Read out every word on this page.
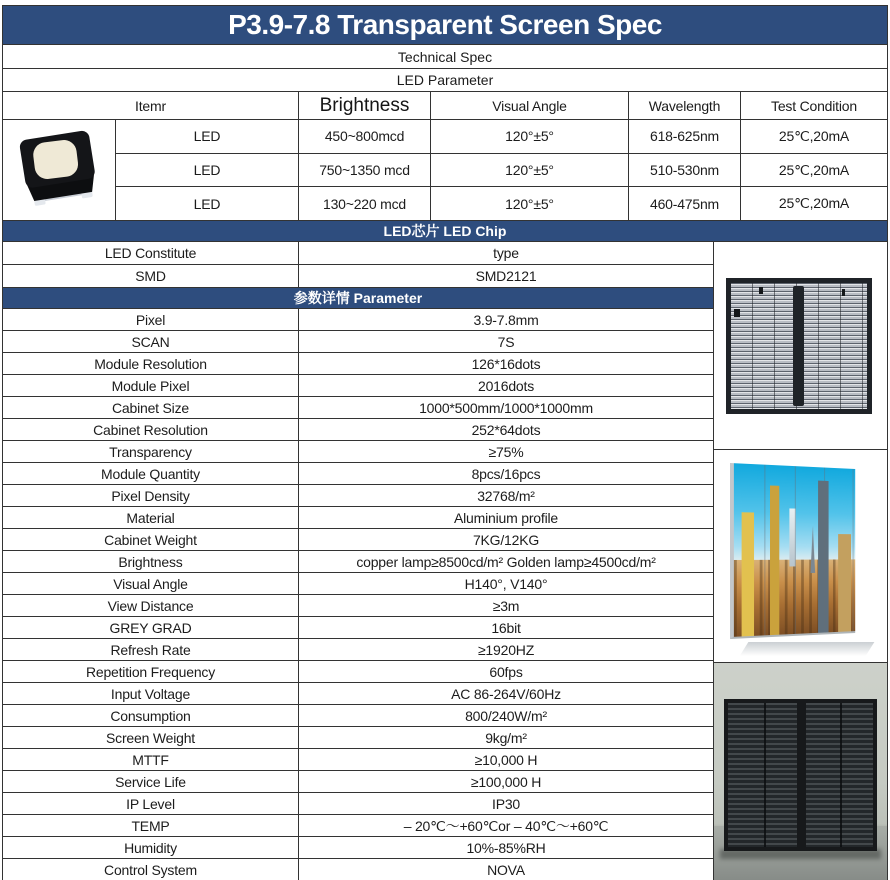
P3.9-7.8 Transparent Screen Spec
Technical Spec
LED Parameter
Itemr	Brightness	Visual Angle	Wavelength	Test Condition
LED	450~800mcd	120°±5°	618-625nm	25℃,20mA
LED	750~1350 mcd	120°±5°	510-530nm	25℃,20mA
LED	130~220 mcd	120°±5°	460-475nm	25℃,20mA
LED芯片 LED Chip
LED Constitute	type
SMD	SMD2121
参数详情 Parameter
Pixel	3.9-7.8mm
SCAN	7S
Module Resolution	126*16dots
Module Pixel	2016dots
Cabinet Size	1000*500mm/1000*1000mm
Cabinet Resolution	252*64dots
Transparency	≥75%
Module Quantity	8pcs/16pcs
Pixel Density	32768/m²
Material	Aluminium profile
Cabinet Weight	7KG/12KG
Brightness	copper lamp≥8500cd/m² Golden lamp≥4500cd/m²
Visual Angle	H140°, V140°
View Distance	≥3m
GREY GRAD	16bit
Refresh Rate	≥1920HZ
Repetition Frequency	60fps
Input Voltage	AC 86-264V/60Hz
Consumption	800/240W/m²
Screen Weight	9kg/m²
MTTF	≥10,000 H
Service Life	≥100,000 H
IP Level	IP30
TEMP	– 20℃～+60℃or – 40℃～+60℃
Humidity	10%-85%RH
Control System	NOVA
